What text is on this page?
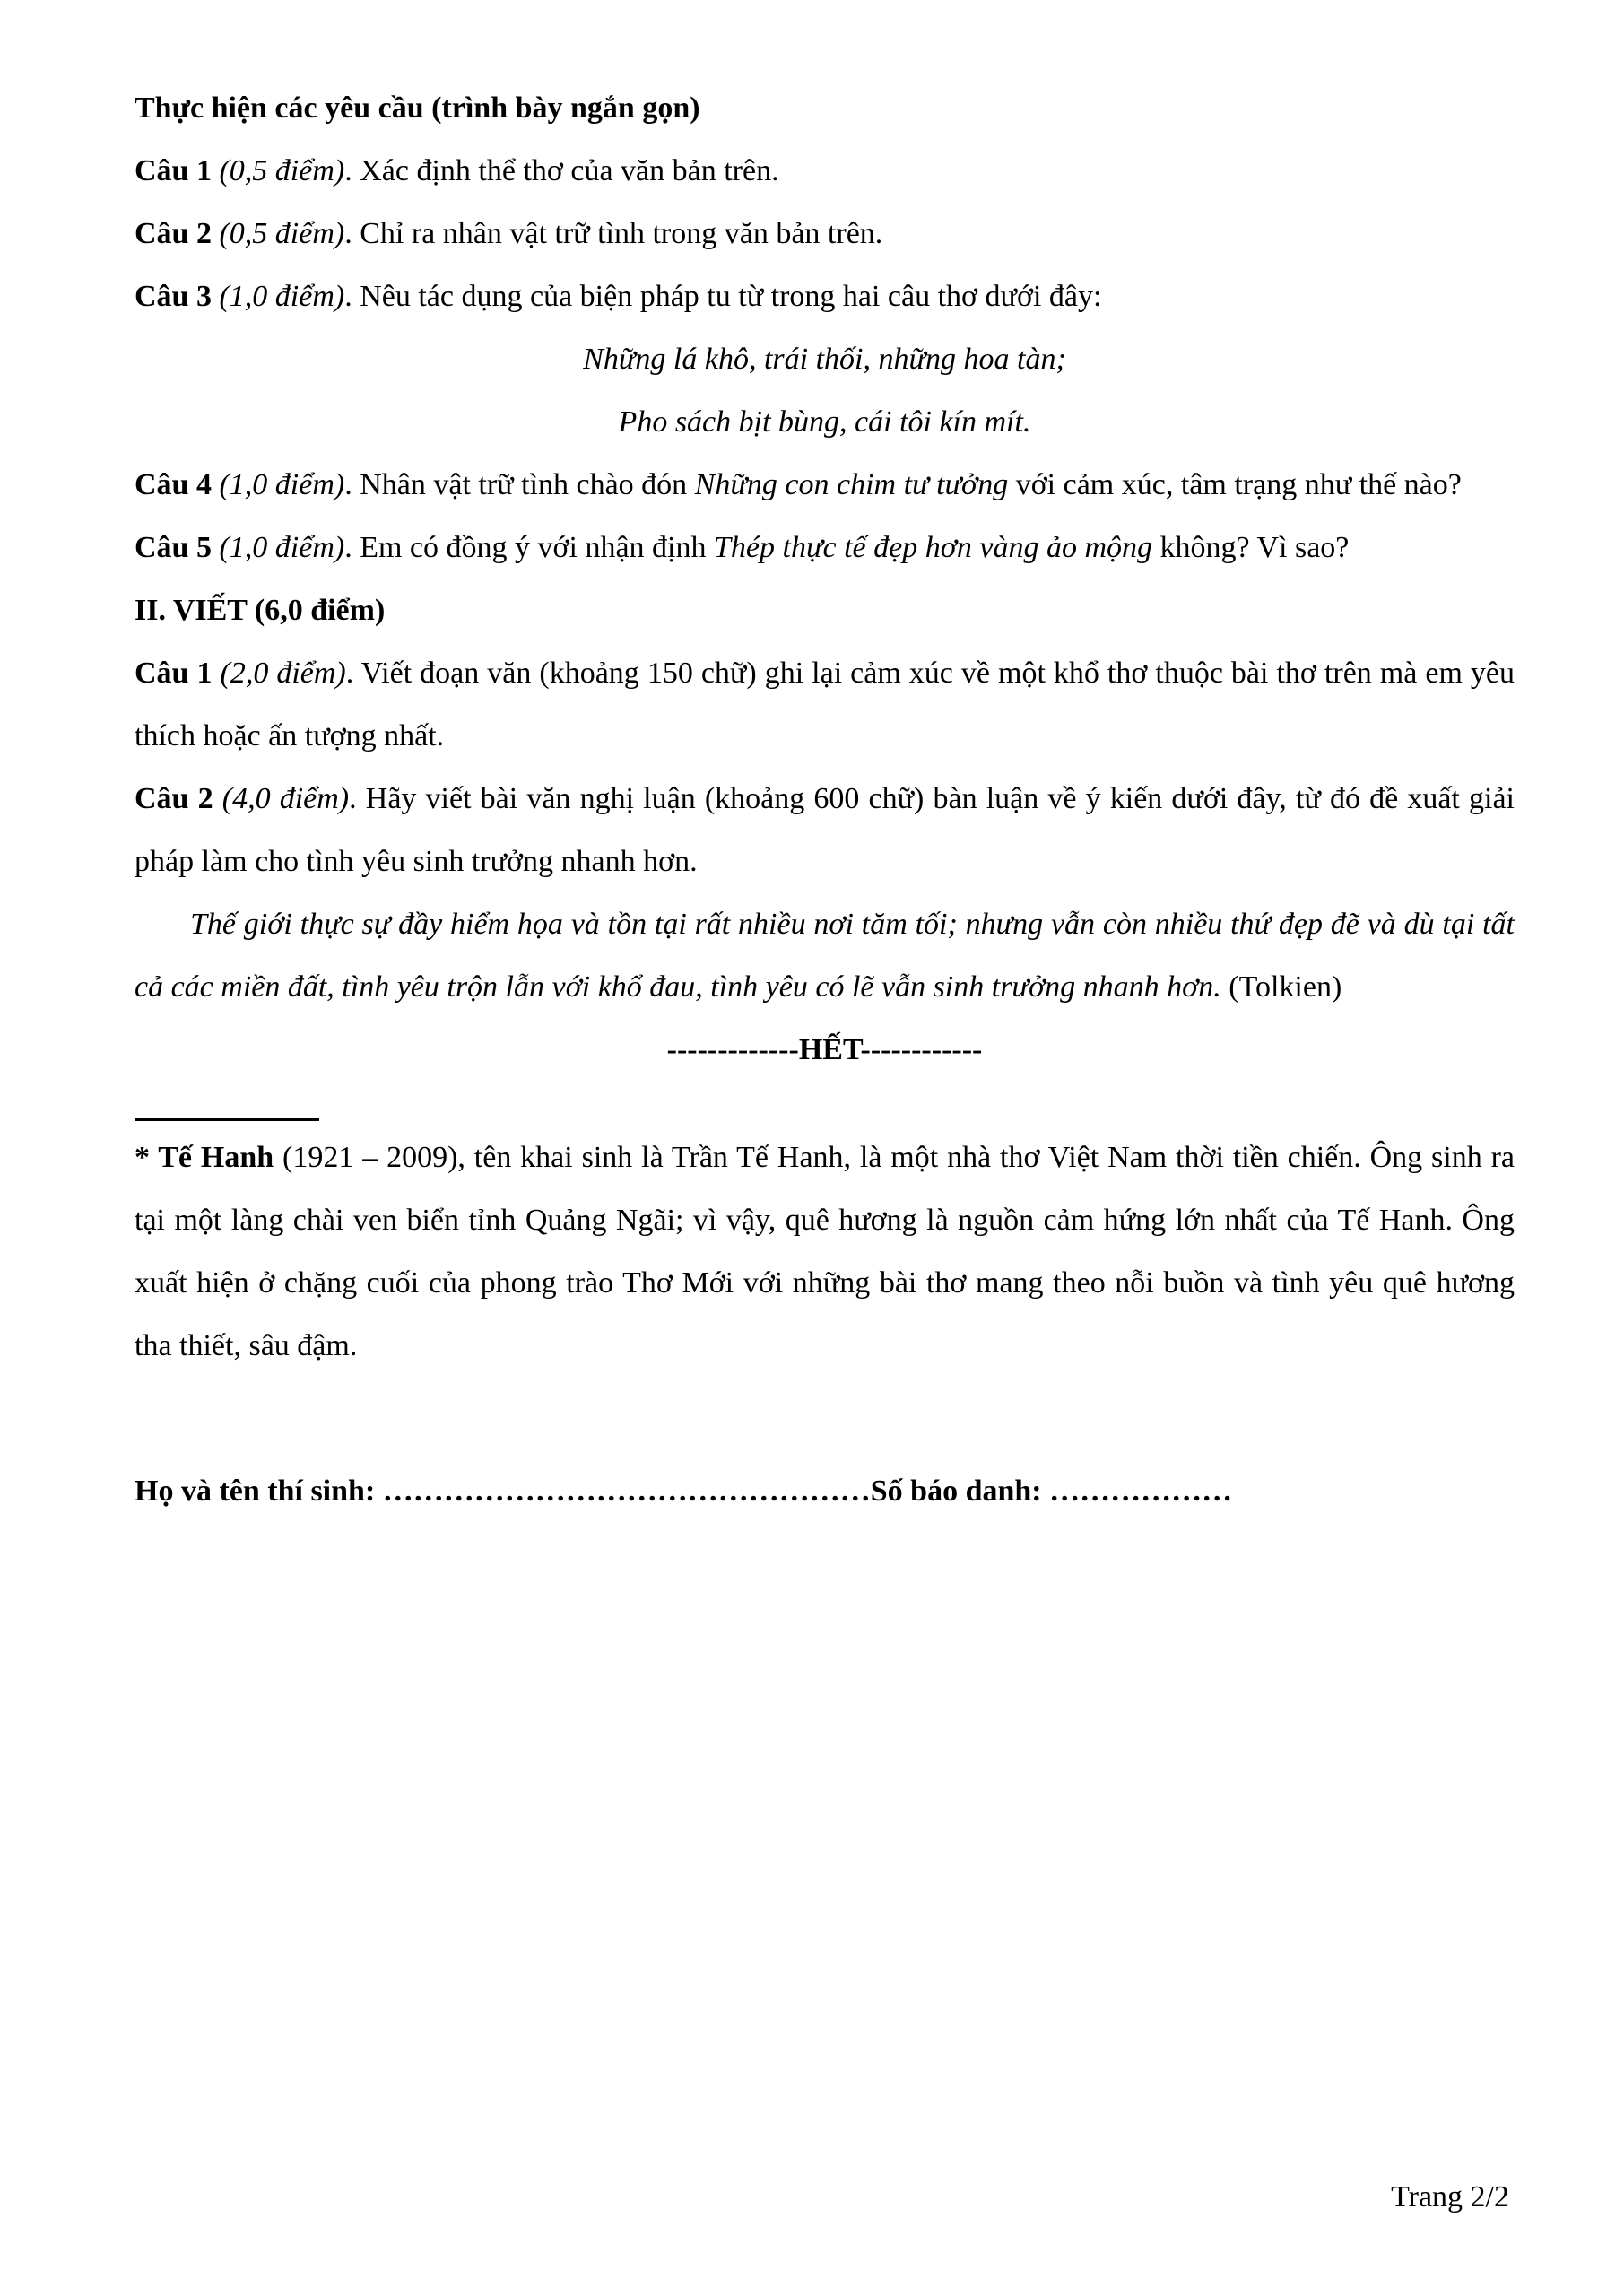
Thực hiện các yêu cầu (trình bày ngắn gọn)

Câu 1 (0,5 điểm). Xác định thể thơ của văn bản trên.

Câu 2 (0,5 điểm). Chỉ ra nhân vật trữ tình trong văn bản trên.

Câu 3 (1,0 điểm). Nêu tác dụng của biện pháp tu từ trong hai câu thơ dưới đây:

Những lá khô, trái thối, những hoa tàn;

Pho sách bịt bùng, cái tôi kín mít.

Câu 4 (1,0 điểm). Nhân vật trữ tình chào đón Những con chim tư tưởng với cảm xúc, tâm trạng như thế nào?

Câu 5 (1,0 điểm). Em có đồng ý với nhận định Thép thực tế đẹp hơn vàng ảo mộng không? Vì sao?

II. VIẾT (6,0 điểm)

Câu 1 (2,0 điểm). Viết đoạn văn (khoảng 150 chữ) ghi lại cảm xúc về một khổ thơ thuộc bài thơ trên mà em yêu thích hoặc ấn tượng nhất.

Câu 2 (4,0 điểm). Hãy viết bài văn nghị luận (khoảng 600 chữ) bàn luận về ý kiến dưới đây, từ đó đề xuất giải pháp làm cho tình yêu sinh trưởng nhanh hơn.

Thế giới thực sự đầy hiểm họa và tồn tại rất nhiều nơi tăm tối; nhưng vẫn còn nhiều thứ đẹp đẽ và dù tại tất cả các miền đất, tình yêu trộn lẫn với khổ đau, tình yêu có lẽ vẫn sinh trưởng nhanh hơn. (Tolkien)

-------------HẾT------------

* Tế Hanh (1921 – 2009), tên khai sinh là Trần Tế Hanh, là một nhà thơ Việt Nam thời tiền chiến. Ông sinh ra tại một làng chài ven biển tỉnh Quảng Ngãi; vì vậy, quê hương là nguồn cảm hứng lớn nhất của Tế Hanh. Ông xuất hiện ở chặng cuối của phong trào Thơ Mới với những bài thơ mang theo nỗi buồn và tình yêu quê hương tha thiết, sâu đậm.

Họ và tên thí sinh: …………………………………………Số báo danh: ………………

Trang 2/2
